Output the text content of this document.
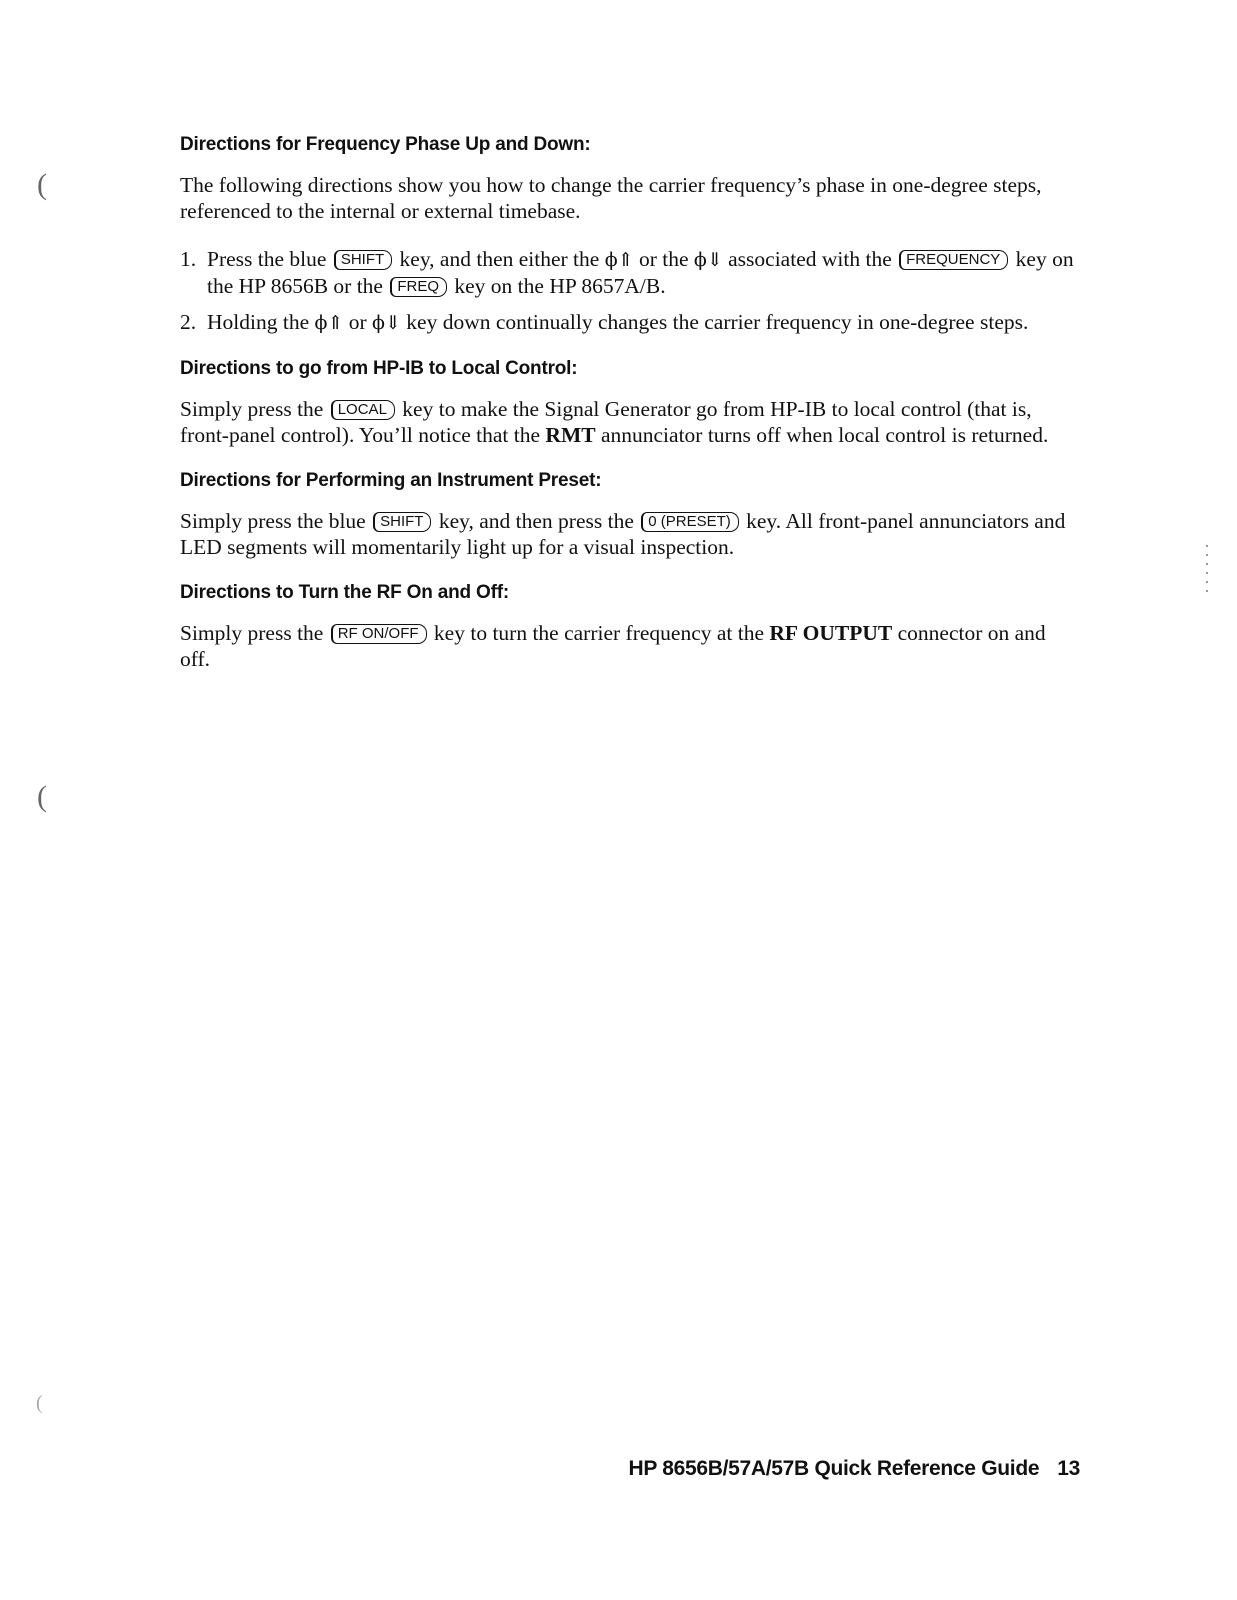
(
(
(
Directions for Frequency Phase Up and Down:

The following directions show you how to change the carrier frequency’s phase in one-degree steps, referenced to the internal or external timebase.

1. Press the blue SHIFT key, and then either the ϕ⇑ or the ϕ⇓ associated with the FREQUENCY key on the HP 8656B or the FREQ key on the HP 8657A/B.
2. Holding the ϕ⇑ or ϕ⇓ key down continually changes the carrier frequency in one-degree steps.
Directions to go from HP-IB to Local Control:

Simply press the LOCAL key to make the Signal Generator go from HP-IB to local control (that is, front-panel control). You’ll notice that the RMT annunciator turns off when local control is returned.

Directions for Performing an Instrument Preset:

Simply press the blue SHIFT key, and then press the 0 (PRESET) key. All front-panel annunciators and LED segments will momentarily light up for a visual inspection.

Directions to Turn the RF On and Off:

Simply press the RF ON/OFF key to turn the carrier frequency at the RF OUTPUT connector on and off.

HP 8656B/57A/57B Quick Reference Guide 13
